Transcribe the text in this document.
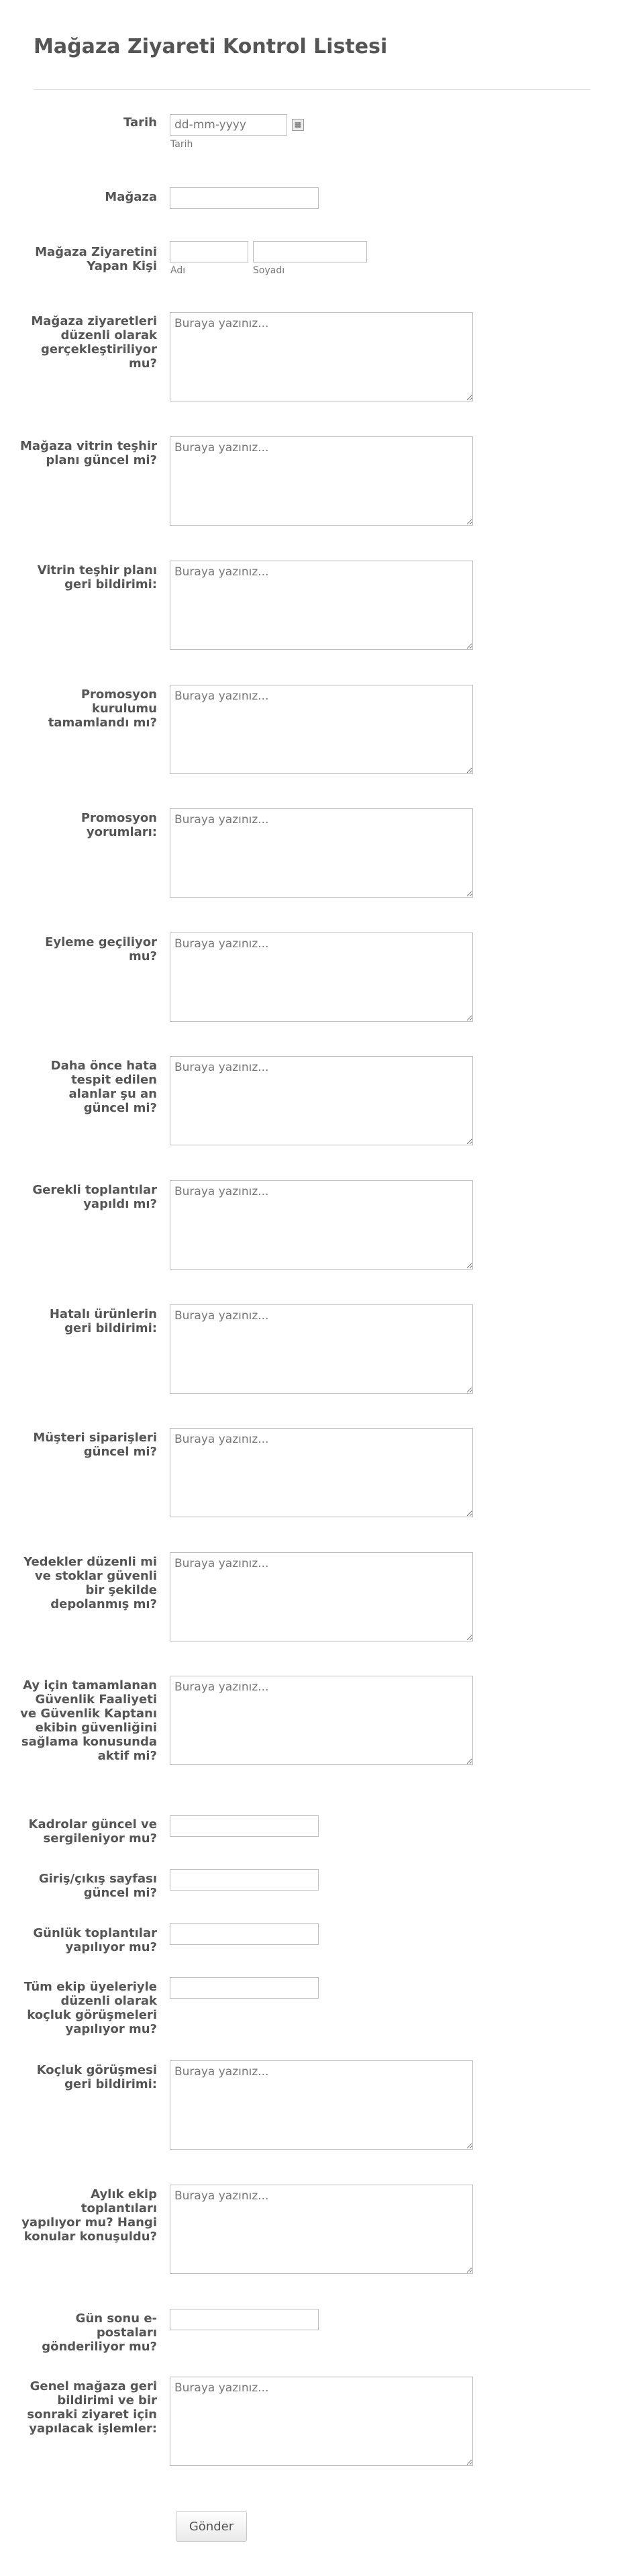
Mağaza Ziyareti Kontrol Listesi
Tarih
dd-mm-yyyy	▦
Tarih
Mağaza
Mağaza Ziyaretini Yapan Kişi Adı	Soyadı
Mağaza ziyaretleri düzenli olarak gerçekleştiriliyor mu?
Buraya yazınız...
Mağaza vitrin teşhir planı güncel mi?
Buraya yazınız...
Vitrin teşhir planı geri bildirimi:
Buraya yazınız...
Promosyon kurulumu tamamlandı mı?
Buraya yazınız...
Promosyon yorumları:
Buraya yazınız...
Eyleme geçiliyor mu?
Buraya yazınız...
Daha önce hata tespit edilen alanlar şu an güncel mi?
Buraya yazınız...
Gerekli toplantılar yapıldı mı?
Buraya yazınız...
Hatalı ürünlerin geri bildirimi:
Buraya yazınız...
Müşteri siparişleri güncel mi?
Buraya yazınız...
Yedekler düzenli mi ve stoklar güvenli bir şekilde depolanmış mı?
Buraya yazınız...
Ay için tamamlanan Güvenlik Faaliyeti ve Güvenlik Kaptanı ekibin güvenliğini sağlama konusunda aktif mi?
Buraya yazınız...
Kadrolar güncel ve sergileniyor mu?
Giriş/çıkış sayfası güncel mi?
Günlük toplantılar yapılıyor mu?
Tüm ekip üyeleriyle düzenli olarak koçluk görüşmeleri yapılıyor mu?
Koçluk görüşmesi geri bildirimi:
Buraya yazınız...
Aylık ekip toplantıları yapılıyor mu? Hangi konular konuşuldu?
Buraya yazınız...
Gün sonu e-postaları gönderiliyor mu?
Genel mağaza geri bildirimi ve bir sonraki ziyaret için yapılacak işlemler:
Buraya yazınız...
Gönder
